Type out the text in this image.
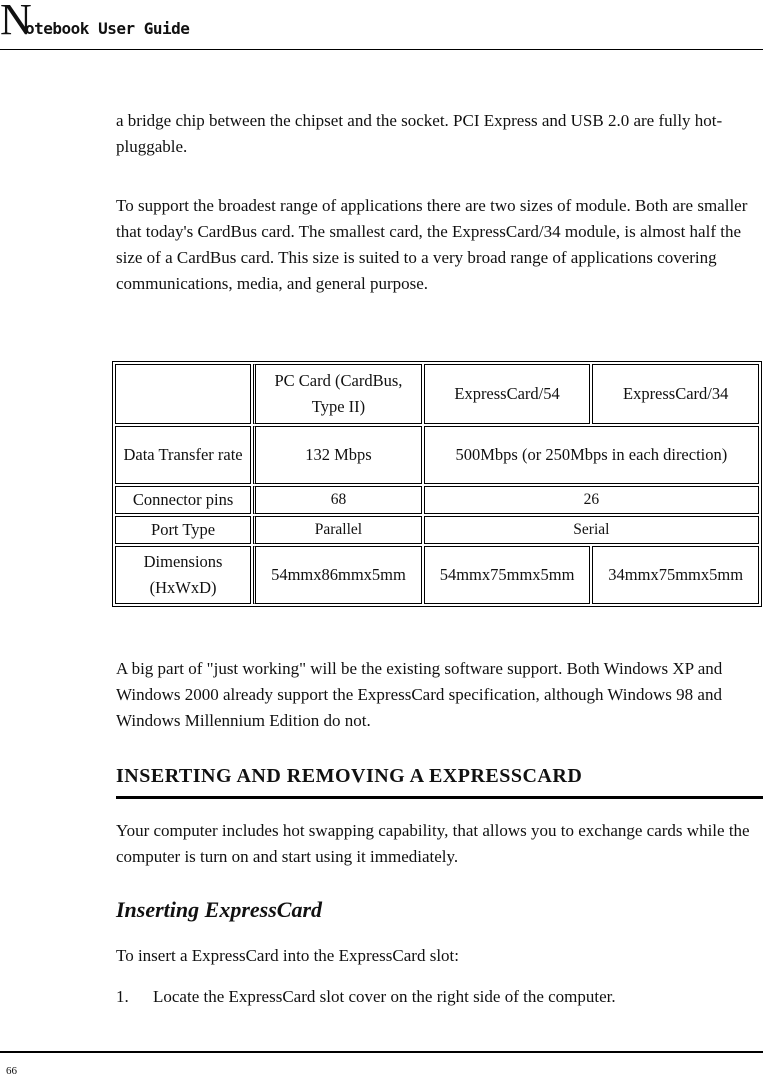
N
otebook User Guide
a bridge chip between the chipset and the socket. PCI Express and USB 2.0 are fully hot-pluggable.
To support the broadest range of applications there are two sizes of module. Both are smaller that today's CardBus card. The smallest card, the ExpressCard/34 module, is almost half the size of a CardBus card. This size is suited to a very broad range of applications covering communications, media, and general purpose.
	PC Card (CardBus, Type II)	ExpressCard/54	ExpressCard/34
Data Transfer rate	132 Mbps	500Mbps (or 250Mbps in each direction)	
Connector pins	68	26	
Port Type	Parallel	Serial	
Dimensions (HxWxD)	54mmx86mmx5mm	54mmx75mmx5mm	34mmx75mmx5mm
A big part of "just working" will be the existing software support. Both Windows XP and Windows 2000 already support the ExpressCard specification, although Windows 98 and Windows Millennium Edition do not.
INSERTING AND REMOVING A EXPRESSCARD
Your computer includes hot swapping capability, that allows you to exchange cards while the computer is turn on and start using it immediately.
Inserting ExpressCard
To insert a ExpressCard into the ExpressCard slot:
1. Locate the ExpressCard slot cover on the right side of the computer.
66
